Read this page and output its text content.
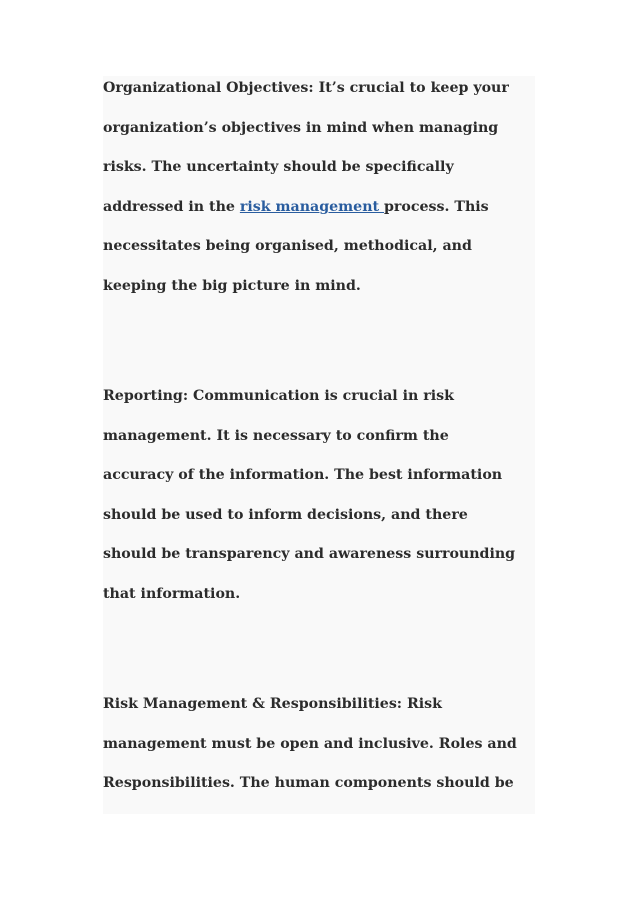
Organizational Objectives: It’s crucial to keep your
organization’s objectives in mind when managing
risks. The uncertainty should be specifically
addressed in the risk management process. This
necessitates being organised, methodical, and
keeping the big picture in mind.

Reporting: Communication is crucial in risk
management. It is necessary to confirm the
accuracy of the information. The best information
should be used to inform decisions, and there
should be transparency and awareness surrounding
that information.

Risk Management & Responsibilities: Risk
management must be open and inclusive. Roles and
Responsibilities. The human components should be
